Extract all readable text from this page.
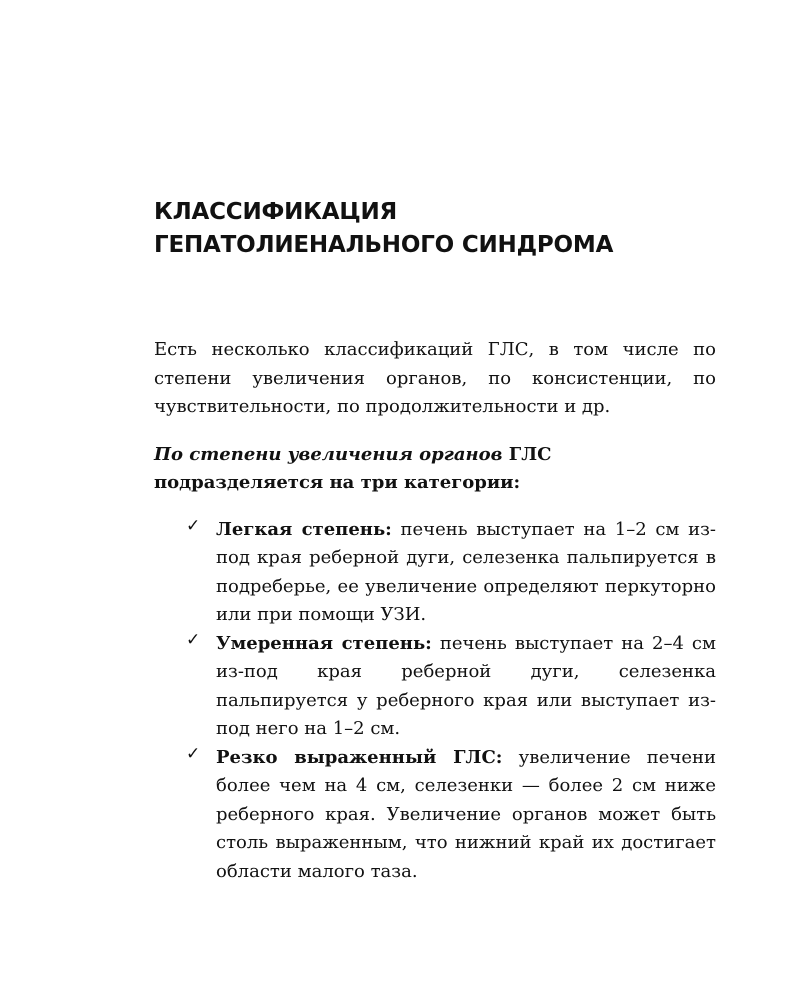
КЛАССИФИКАЦИЯ
ГЕПАТОЛИЕНАЛЬНОГО СИНДРОМА

Есть несколько классификаций ГЛС, в том числе по степени увеличения органов, по консистенции, по чувствительности, по продолжительности и др.

По степени увеличения органов ГЛС подразделяется на три категории:

✓ Легкая степень: печень выступает на 1–2 см из-под края реберной дуги, селезенка пальпируется в подреберье, ее увеличение определяют перкуторно или при помощи УЗИ.

✓ Умеренная степень: печень выступает на 2–4 см из-под края реберной дуги, селезенка пальпируется у реберного края или выступает из-под него на 1–2 см.

✓ Резко выраженный ГЛС: увеличение печени более чем на 4 см, селезенки — более 2 см ниже реберного края. Увеличение органов может быть столь выраженным, что нижний край их достигает области малого таза.
